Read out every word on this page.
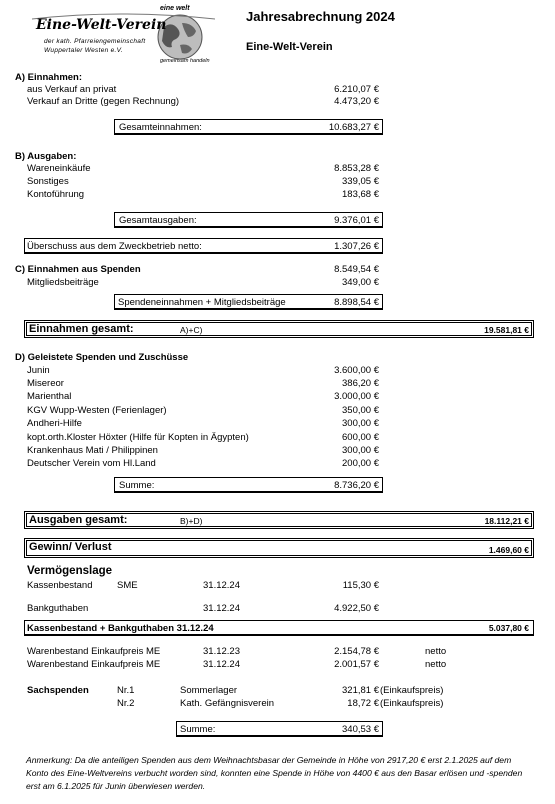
Eine-Welt-Verein
der kath. Pfarreiengemeinschaft
Wuppertaler Westen e.V.
eine welt
gemeinsam handeln
Jahresabrechnung 2024
Eine-Welt-Verein
A) Einnahmen:
aus Verkauf an privat	6.210,07 €
Verkauf an Dritte (gegen Rechnung)	4.473,20 €
Gesamteinnahmen:	10.683,27 €
B) Ausgaben:
Wareneinkäufe	8.853,28 €
Sonstiges	339,05 €
Kontoführung	183,68 €
Gesamtausgaben:	9.376,01 €
Überschuss aus dem Zweckbetrieb netto:	1.307,26 €
C) Einnahmen aus Spenden	8.549,54 €
Mitgliedsbeiträge	349,00 €
Spendeneinnahmen + Mitgliedsbeiträge	8.898,54 €
Einnahmen gesamt:	A)+C)	19.581,81 €
D) Geleistete Spenden und Zuschüsse
Junin	3.600,00 €
Misereor	386,20 €
Marienthal	3.000,00 €
KGV Wupp-Westen (Ferienlager)	350,00 €
Andheri-Hilfe	300,00 €
kopt.orth.Kloster Höxter (Hilfe für Kopten in Ägypten)	600,00 €
Krankenhaus Mati / Philippinen	300,00 €
Deutscher Verein vom Hl.Land	200,00 €
Summe:	8.736,20 €
Ausgaben gesamt:	B)+D)	18.112,21 €
Gewinn/ Verlust	1.469,60 €
Vermögenslage
Kassenbestand	SME	31.12.24	115,30 €
Bankguthaben	31.12.24	4.922,50 €
Kassenbestand + Bankguthaben 31.12.24	5.037,80 €
Warenbestand Einkaufpreis ME	31.12.23	2.154,78 €	netto
Warenbestand Einkaufpreis ME	31.12.24	2.001,57 €	netto
Sachspenden	Nr.1	Sommerlager	321,81 € (Einkaufspreis)
Nr.2	Kath. Gefängnisverein	18,72 € (Einkaufspreis)
Summe:	340,53 €
Anmerkung: Da die anteiligen Spenden aus dem Weihnachtsbasar der Gemeinde in Höhe von 2917,20 € erst 2.1.2025 auf dem Konto des Eine-Weltvereins verbucht worden sind, konnten eine Spende in Höhe von 4400 € aus den Basar erlösen und -spenden erst am 6.1.2025 für Junin überwiesen werden.
